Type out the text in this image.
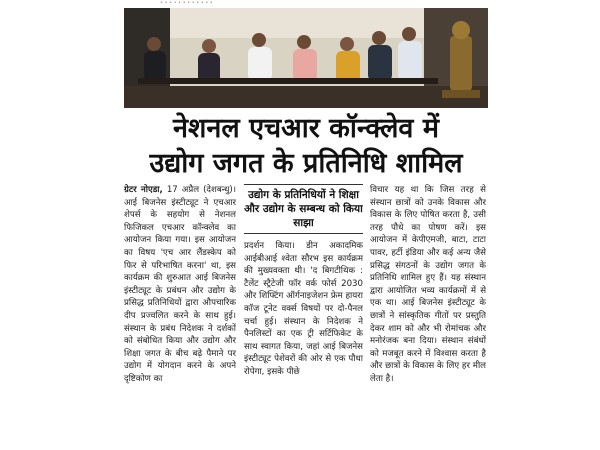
• • • • • • • • • • • •
नेशनल एचआर कॉन्क्लेव में
उद्योग जगत के प्रतिनिधि शामिल

ग्रेटर नोएडा, 17 अप्रैल (देशबन्धु)। आई बिजनेस इंस्टीट्यूट ने एचआर शेपर्स के सहयोग से नेशनल फिजिकल एचआर कॉन्क्लेव का आयोजन किया गया। इस आयोजन का विषय 'एच आर लैंडस्केप को फिर से परिभाषित करना' था, इस कार्यक्रम की शुरुआत आई बिजनेस इंस्टीट्यूट के प्रबंधन और उद्योग के प्रसिद्ध प्रतिनिधियों द्वारा औपचारिक दीप प्रज्वलित करने के साथ हुई। संस्थान के प्रबंध निदेशक ने दर्शकों को संबोधित किया और उद्योग और शिक्षा जगत के बीच बढ़े पैमाने पर उद्योग में योगदान करने के अपने दृष्टिकोण का

उद्योग के प्रतिनिधियों ने शिक्षा और उद्योग के सम्बन्ध को किया साझा

प्रदर्शन किया। डीन अकादमिक आईबीआई श्वेता सौरभ इस कार्यक्रम की मुख्यवक्ता थी। 'द बिगटीथिक : टैलेंट स्ट्रैटेजी फॉर वर्क फोर्स 2030 और शिफ्टिंग ऑर्गनाइजेशन फ्रेम हायरा कॉज टूनेट वर्क्स विषयों पर दो-पैनल चर्चा हुई। संस्थान के निदेशक ने पैनलिस्टों का एक ट्री सर्टिफिकेट के साथ स्वागत किया, जहां आई बिजनेस इंस्टीट्यूट पेशेवरों की ओर से एक पौधा रोपेगा, इसके पीछे

विचार यह था कि जिस तरह से संस्थान छात्रों को उनके विकास और विकास के लिए पोषित करता है, उसी तरह पौधे का पोषण करें। इस आयोजन में केपीएमजी, बाटा, टाटा पावर, हर्टी इंडिया और कई अन्य जैसे प्रसिद्ध संगठनों के उद्योग जगत के प्रतिनिधि शामिल हुए हैं। यह संस्थान द्वारा आयोजित भव्य कार्यक्रमों में से एक था। आई बिजनेस इंस्टीट्यूट के छात्रों ने सांस्कृतिक गीतों पर प्रस्तुति देकर शाम को और भी रोमांचक और मनोरंजक बना दिया। संस्थान संबंधों को मजबूत करने में विश्वास करता है और छात्रों के विकास के लिए हर मील लेता है।
